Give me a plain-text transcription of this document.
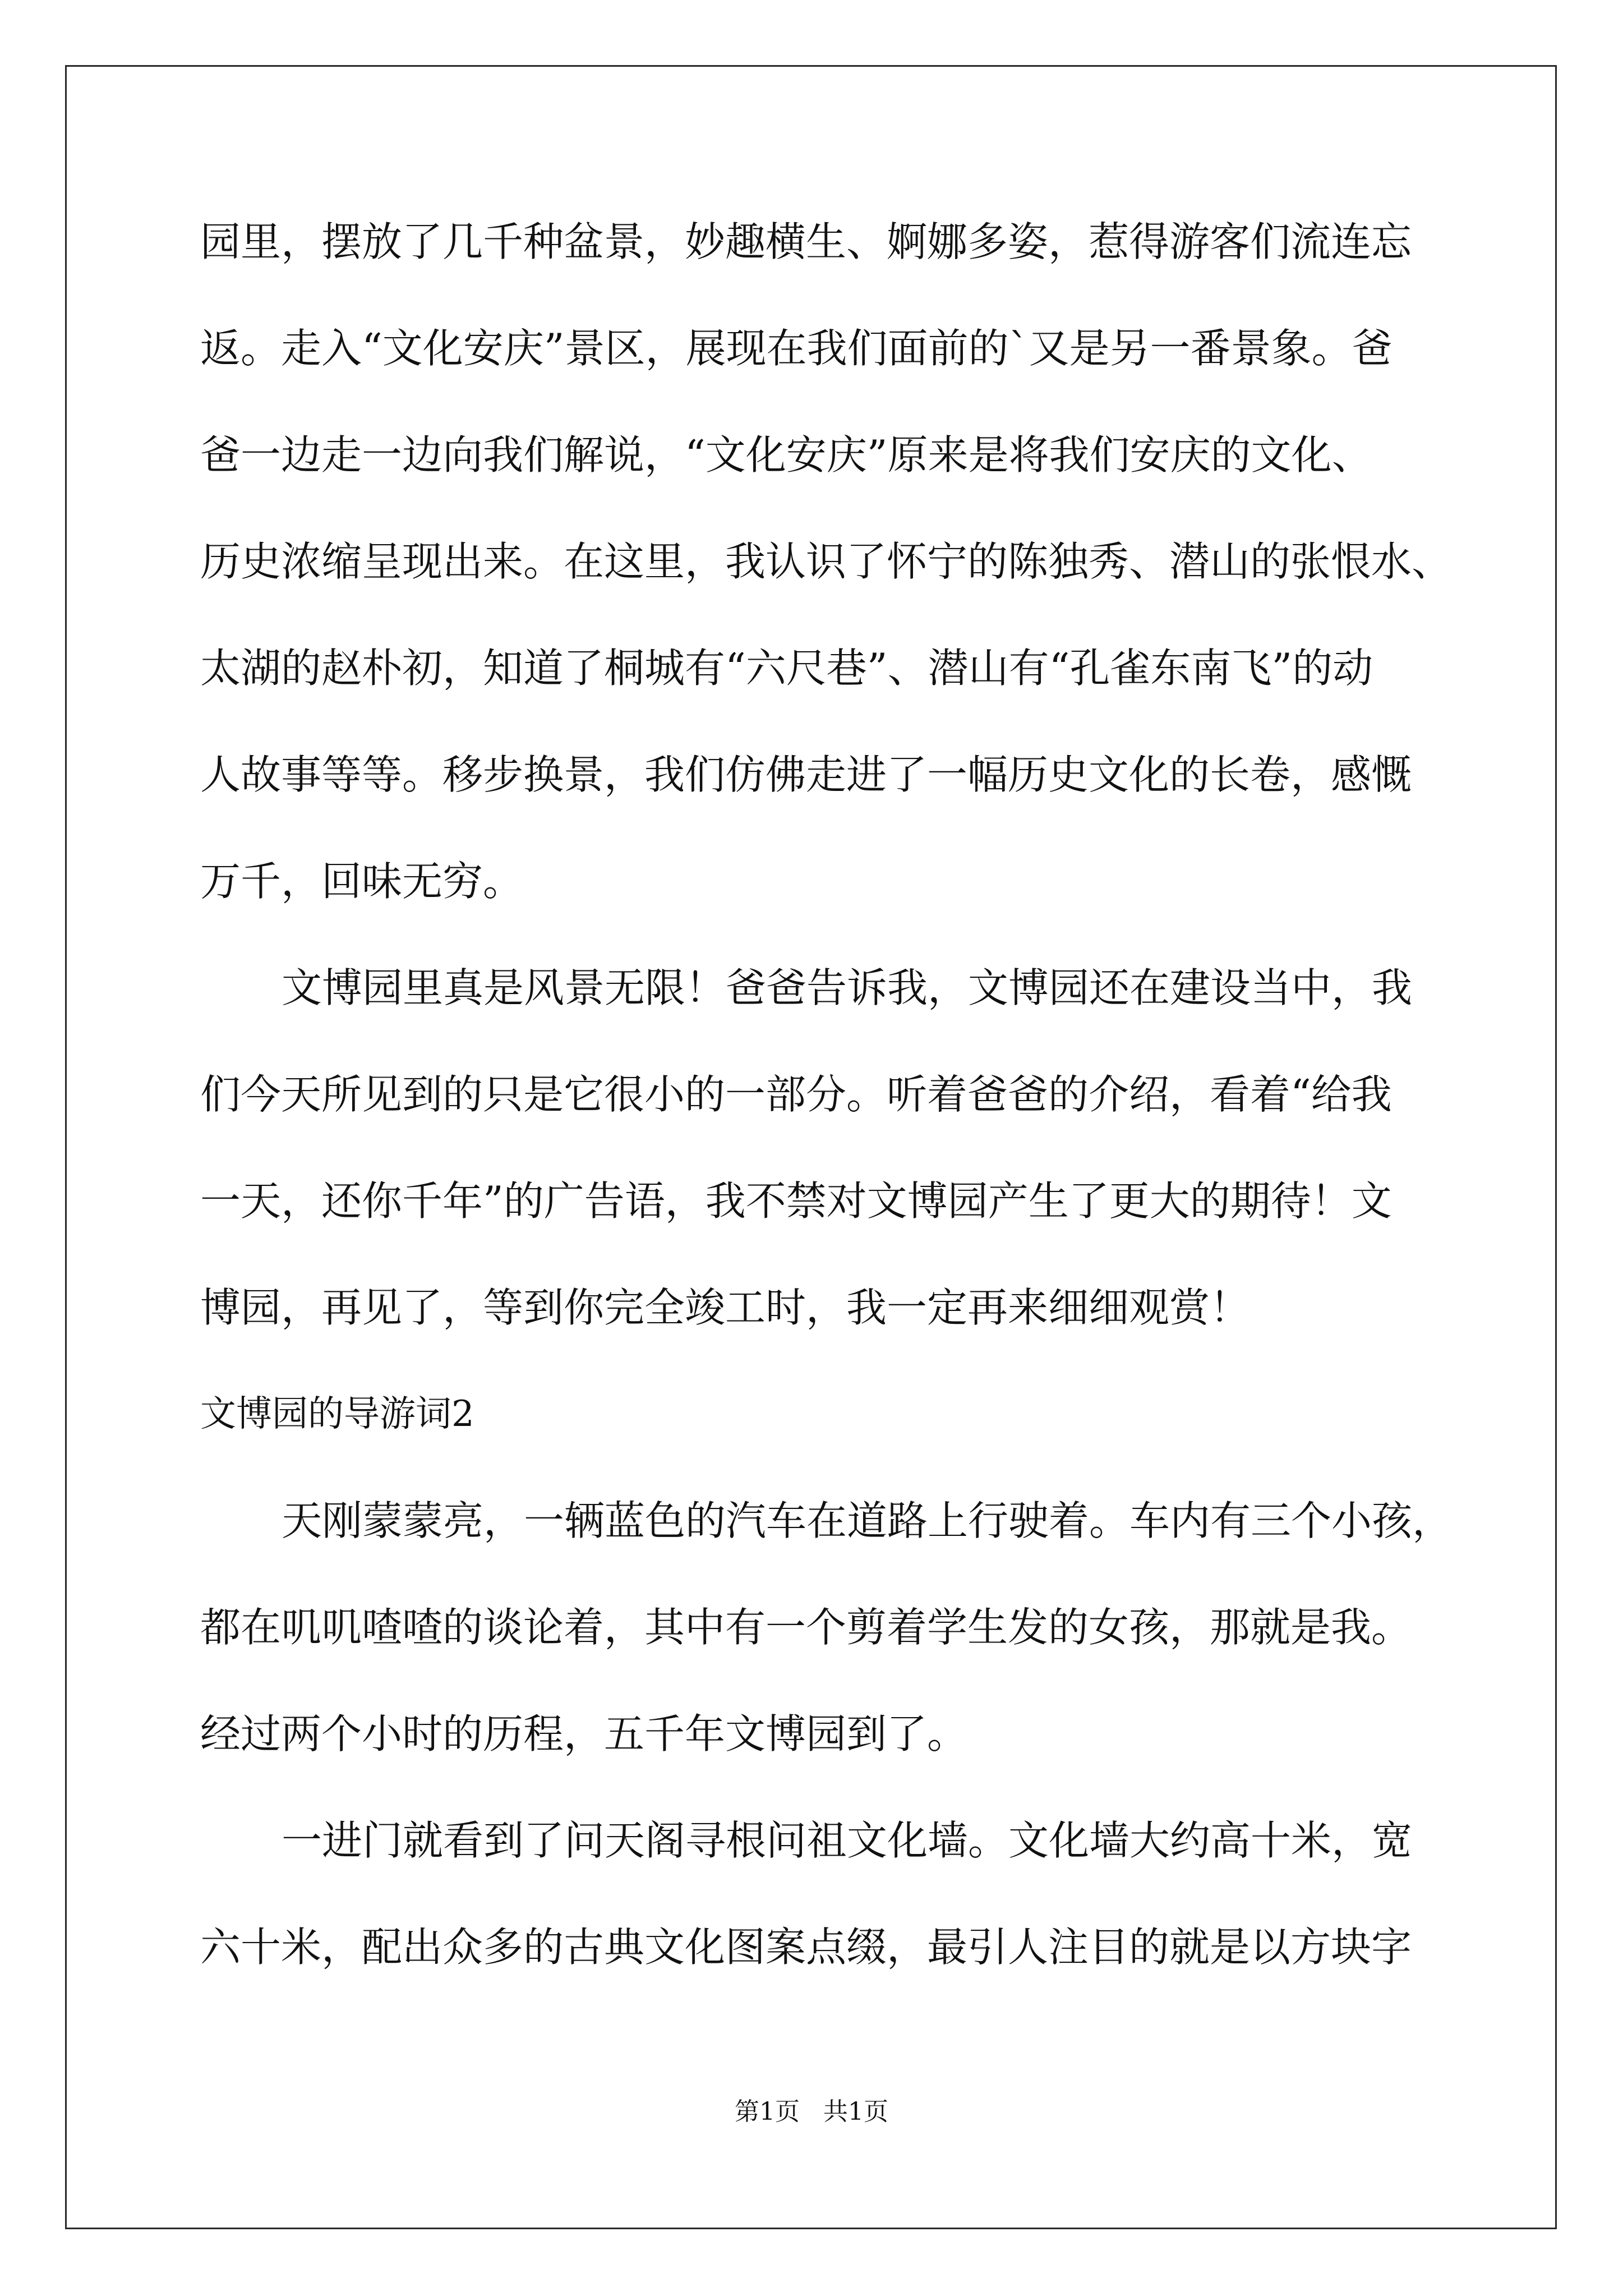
园里，摆放了几千种盆景，妙趣横生、婀娜多姿，惹得游客们流连忘
返。走入“文化安庆”景区，展现在我们面前的`又是另一番景象。爸
爸一边走一边向我们解说，“文化安庆”原来是将我们安庆的文化、
历史浓缩呈现出来。在这里，我认识了怀宁的陈独秀、潜山的张恨水、
太湖的赵朴初，知道了桐城有“六尺巷”、潜山有“孔雀东南飞”的动
人故事等等。移步换景，我们仿佛走进了一幅历史文化的长卷，感慨
万千，回味无穷。
文博园里真是风景无限！爸爸告诉我，文博园还在建设当中，我
们今天所见到的只是它很小的一部分。听着爸爸的介绍，看着“给我
一天，还你千年”的广告语，我不禁对文博园产生了更大的期待！文
博园，再见了，等到你完全竣工时，我一定再来细细观赏！
文博园的导游词2
天刚蒙蒙亮，一辆蓝色的汽车在道路上行驶着。车内有三个小孩，
都在叽叽喳喳的谈论着，其中有一个剪着学生发的女孩，那就是我。
经过两个小时的历程，五千年文博园到了。
一进门就看到了问天阁寻根问祖文化墙。文化墙大约高十米，宽
六十米，配出众多的古典文化图案点缀，最引人注目的就是以方块字
第1页   共1页
